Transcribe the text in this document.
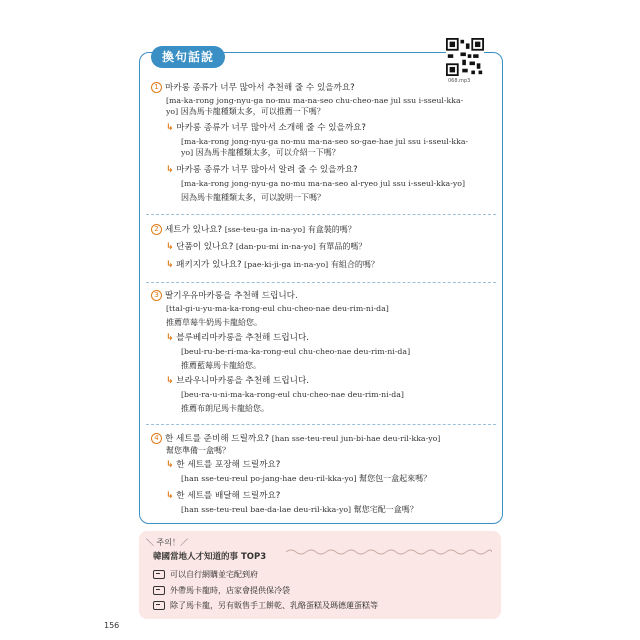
換句話說
068.mp3
1 마카롱 종류가 너무 많아서 추천해 줄 수 있을까요?
[ma-ka-rong jong-nyu-ga no-mu ma-na-seo chu-cheo-nae jul ssu i-sseul-kka-
yo] 因為馬卡龍種類太多，可以推薦一下嗎？
↳ 마카롱 종류가 너무 많아서 소개해 줄 수 있을까요?
[ma-ka-rong jong-nyu-ga no-mu ma-na-seo so-gae-hae jul ssu i-sseul-kka-
yo] 因為馬卡龍種類太多，可以介紹一下嗎？
↳ 마카롱 종류가 너무 많아서 알려 줄 수 있을까요?
[ma-ka-rong jong-nyu-ga no-mu ma-na-seo al-ryeo jul ssu i-sseul-kka-yo]
因為馬卡龍種類太多，可以說明一下嗎？
2 세트가 있나요? [sse-teu-ga in-na-yo] 有盒裝的嗎？
↳ 단품이 있나요? [dan-pu-mi in-na-yo] 有單品的嗎？
↳ 패키지가 있나요? [pae-ki-ji-ga in-na-yo] 有組合的嗎？
3 딸기우유마카롱을 추천해 드립니다.
[ttal-gi-u-yu-ma-ka-rong-eul chu-cheo-nae deu-rim-ni-da]
推薦草莓牛奶馬卡龍給您。
↳ 블루베리마카롱을 추천해 드립니다.
[beul-ru-be-ri-ma-ka-rong-eul chu-cheo-nae deu-rim-ni-da]
推薦藍莓馬卡龍給您。
↳ 브라우니마카롱을 추천해 드립니다.
[beu-ra-u-ni-ma-ka-rong-eul chu-cheo-nae deu-rim-ni-da]
推薦布朗尼馬卡龍給您。
4 한 세트를 준비해 드릴까요? [han sse-teu-reul jun-bi-hae deu-ril-kka-yo]
幫您準備一盒嗎？
↳ 한 세트를 포장해 드릴까요?
[han sse-teu-reul po-jang-hae deu-ril-kka-yo] 幫您包一盒起來嗎？
↳ 한 세트를 배달해 드릴까요?
[han sse-teu-reul bae-da-lae deu-ril-kka-yo] 幫您宅配一盒嗎？
＼ 주의！／
韓國當地人才知道的事 TOP3
可以自行網購並宅配到府
外帶馬卡龍時，店家會提供保冷袋
除了馬卡龍，另有販售手工餅乾、乳酪蛋糕及瑪德蓮蛋糕等
156
